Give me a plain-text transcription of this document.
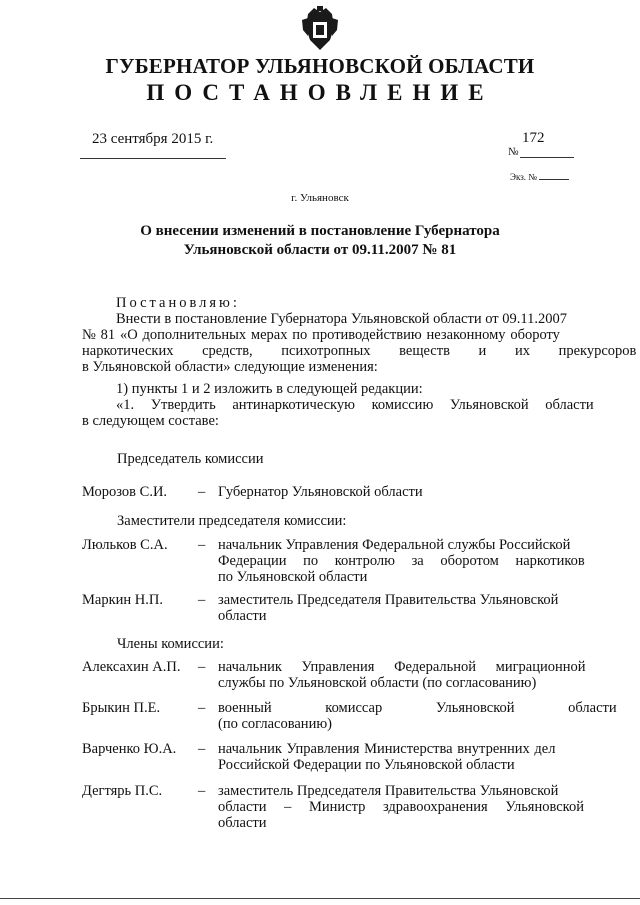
ГУБЕРНАТОР УЛЬЯНОВСКОЙ ОБЛАСТИ
ПОСТАНОВЛЕНИЕ
23 сентября 2015 г.	172
№
Экз. №
г. Ульяновск
О внесении изменений в постановление Губернатора
Ульяновской области от 09.11.2007 № 81
Постановляю:
Внести в постановление Губернатора Ульяновской области от 09.11.2007
№ 81 «О дополнительных мерах по противодействию незаконному обороту
наркотических средств, психотропных веществ и их прекурсоров
в Ульяновской области» следующие изменения:
1) пункты 1 и 2 изложить в следующей редакции:
«1. Утвердить антинаркотическую комиссию Ульяновской области
в следующем составе:
Председатель комиссии
Морозов С.И. – Губернатор Ульяновской области
Заместители председателя комиссии:
Люльков С.А. – начальник Управления Федеральной службы Российской
Федерации по контролю за оборотом наркотиков
по Ульяновской области
Маркин Н.П. – заместитель Председателя Правительства Ульяновской
области
Члены комиссии:
Алексахин А.П. – начальник Управления Федеральной миграционной
службы по Ульяновской области (по согласованию)
Брыкин П.Е.	– военный комиссар Ульяновской области
(по согласованию)
Варченко Ю.А. – начальник Управления Министерства внутренних дел
Российской Федерации по Ульяновской области
Дегтярь П.С. – заместитель Председателя Правительства Ульяновской
области – Министр здравоохранения Ульяновской
области
